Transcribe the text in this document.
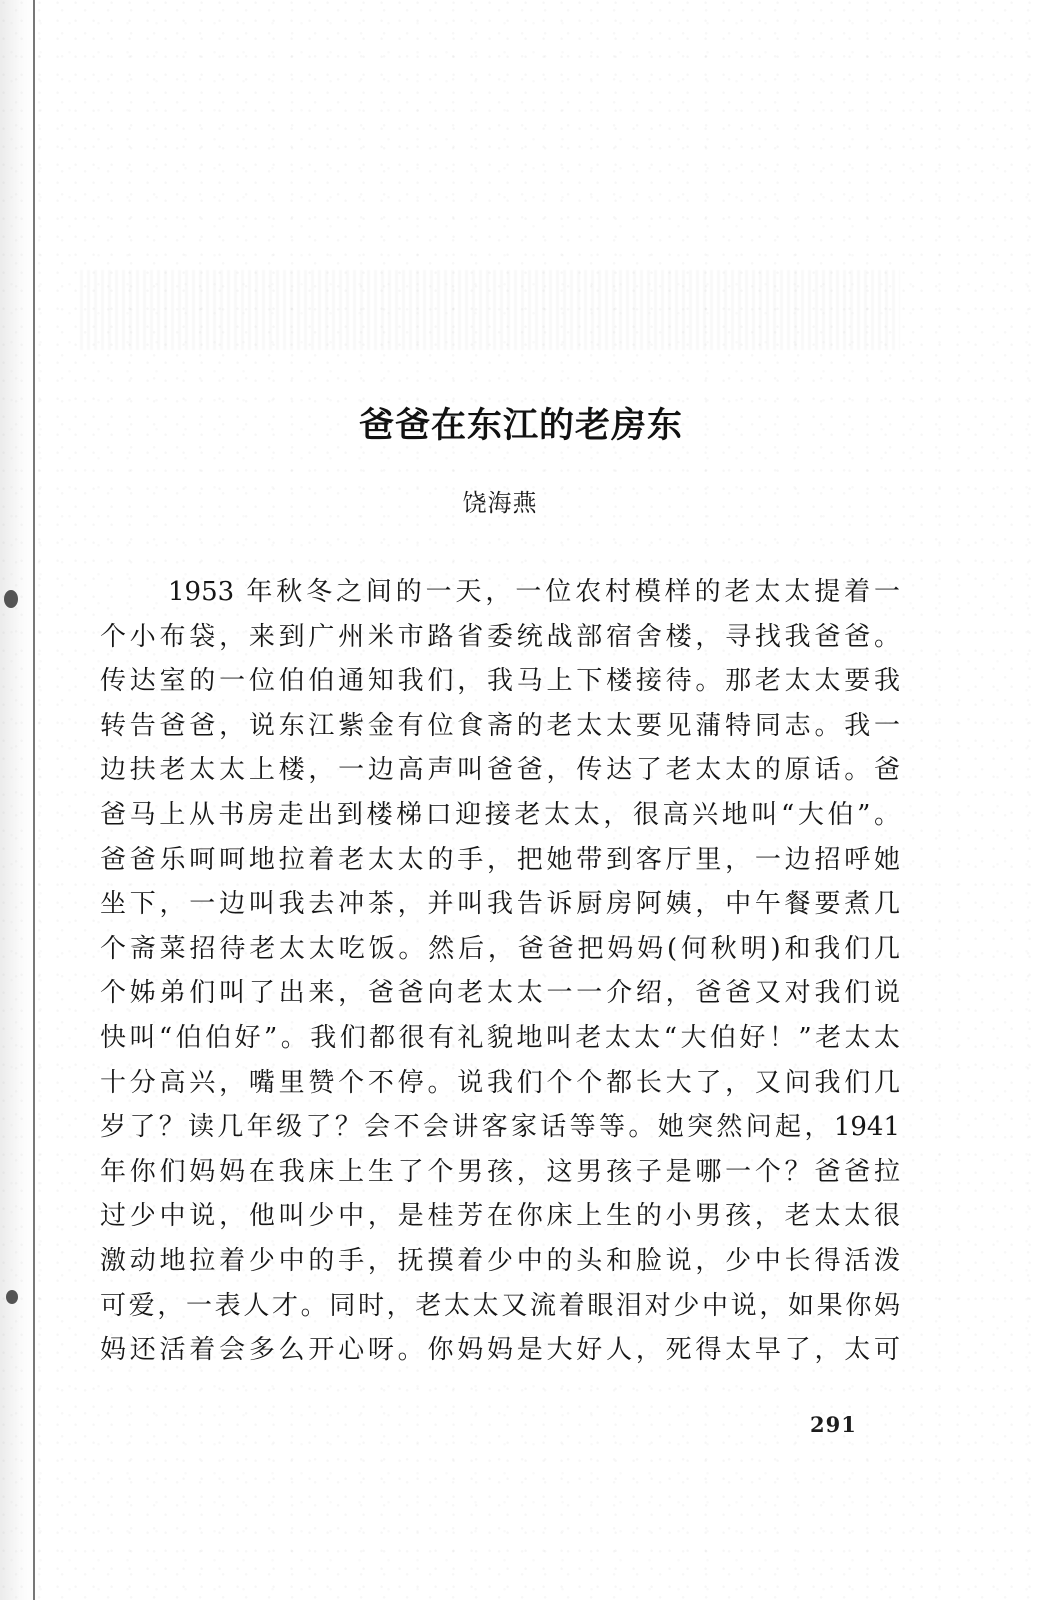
爸爸在东江的老房东
饶海燕
1953 年秋冬之间的一天，一位农村模样的老太太提着一
个小布袋，来到广州米市路省委统战部宿舍楼，寻找我爸爸。
传达室的一位伯伯通知我们，我马上下楼接待。那老太太要我
转告爸爸，说东江紫金有位食斋的老太太要见蒲特同志。我一
边扶老太太上楼，一边高声叫爸爸，传达了老太太的原话。爸
爸马上从书房走出到楼梯口迎接老太太，很高兴地叫“大伯”。
爸爸乐呵呵地拉着老太太的手，把她带到客厅里，一边招呼她
坐下，一边叫我去冲茶，并叫我告诉厨房阿姨，中午餐要煮几
个斋菜招待老太太吃饭。然后，爸爸把妈妈(何秋明)和我们几
个姊弟们叫了出来，爸爸向老太太一一介绍，爸爸又对我们说
快叫“伯伯好”。我们都很有礼貌地叫老太太“大伯好！”老太太
十分高兴，嘴里赞个不停。说我们个个都长大了，又问我们几
岁了？读几年级了？会不会讲客家话等等。她突然问起，1941
年你们妈妈在我床上生了个男孩，这男孩子是哪一个？爸爸拉
过少中说，他叫少中，是桂芳在你床上生的小男孩，老太太很
激动地拉着少中的手，抚摸着少中的头和脸说，少中长得活泼
可爱，一表人才。同时，老太太又流着眼泪对少中说，如果你妈
妈还活着会多么开心呀。你妈妈是大好人，死得太早了，太可
291
